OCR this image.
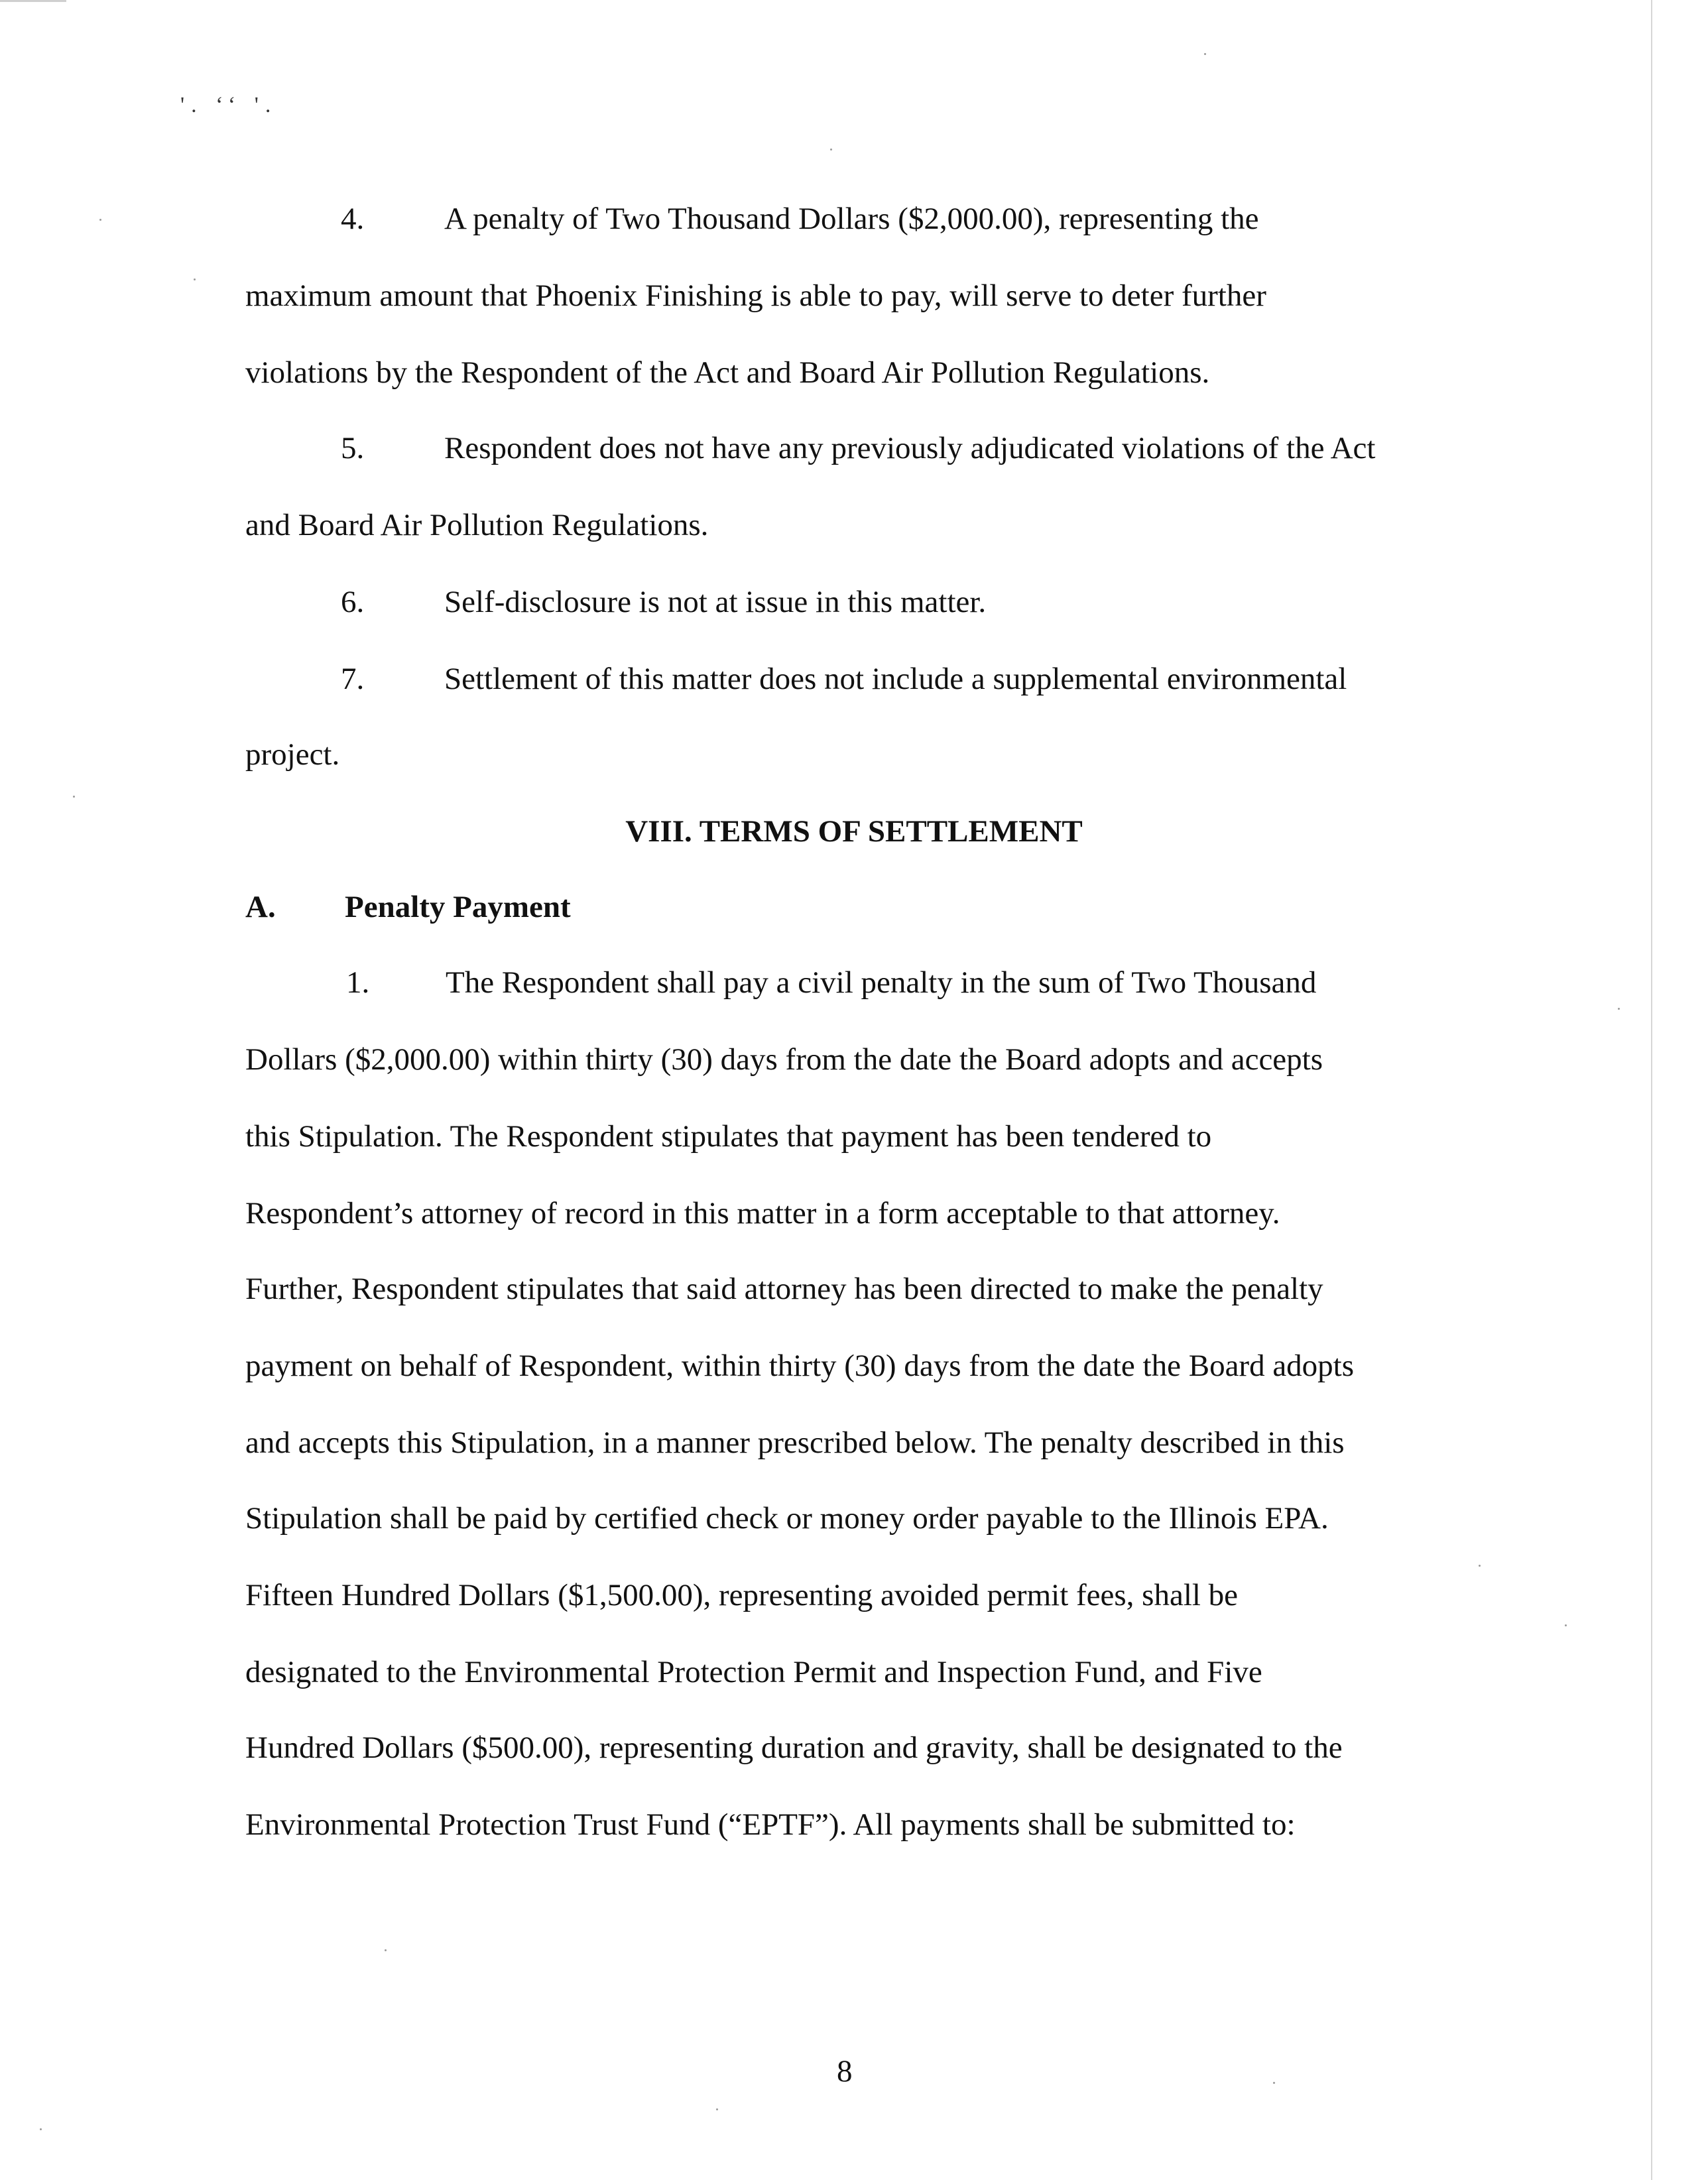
'. ‘‘ '.
4.	A penalty of Two Thousand Dollars ($2,000.00), representing the
maximum amount that Phoenix Finishing is able to pay, will serve to deter further
violations by the Respondent of the Act and Board Air Pollution Regulations.
5.	Respondent does not have any previously adjudicated violations of the Act
and Board Air Pollution Regulations.
6.	Self-disclosure is not at issue in this matter.
7.	Settlement of this matter does not include a supplemental environmental
project.
VIII. TERMS OF SETTLEMENT
A. Penalty Payment
1. The Respondent shall pay a civil penalty in the sum of Two Thousand
Dollars ($2,000.00) within thirty (30) days from the date the Board adopts and accepts
this Stipulation. The Respondent stipulates that payment has been tendered to
Respondent’s attorney of record in this matter in a form acceptable to that attorney.
Further, Respondent stipulates that said attorney has been directed to make the penalty
payment on behalf of Respondent, within thirty (30) days from the date the Board adopts
and accepts this Stipulation, in a manner prescribed below. The penalty described in this
Stipulation shall be paid by certified check or money order payable to the Illinois EPA.
Fifteen Hundred Dollars ($1,500.00), representing avoided permit fees, shall be
designated to the Environmental Protection Permit and Inspection Fund, and Five
Hundred Dollars ($500.00), representing duration and gravity, shall be designated to the
Environmental Protection Trust Fund (“EPTF”). All payments shall be submitted to:
8
